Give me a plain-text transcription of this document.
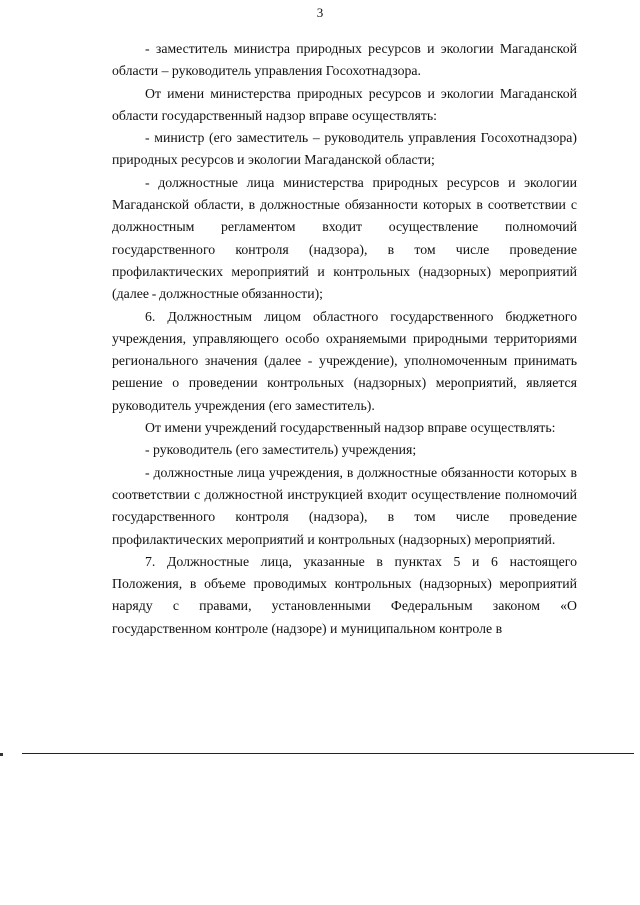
3

- заместитель министра природных ресурсов и экологии Магаданской области – руководитель управления Госохотнадзора.

От имени министерства природных ресурсов и экологии Магаданской области государственный надзор вправе осуществлять:

- министр (его заместитель – руководитель управления Госохотнадзора) природных ресурсов и экологии Магаданской области;

- должностные лица министерства природных ресурсов и экологии Магаданской области, в должностные обязанности которых в соответствии с должностным регламентом входит осуществление полномочий государственного контроля (надзора), в том числе проведение профилактических мероприятий и контрольных (надзорных) мероприятий (далее - должностные обязанности);

6. Должностным лицом областного государственного бюджетного учреждения, управляющего особо охраняемыми природными территориями регионального значения (далее - учреждение), уполномоченным принимать решение о проведении контрольных (надзорных) мероприятий, является руководитель учреждения (его заместитель).

От имени учреждений государственный надзор вправе осуществлять:

- руководитель (его заместитель) учреждения;

- должностные лица учреждения, в должностные обязанности которых в соответствии с должностной инструкцией входит осуществление полномочий государственного контроля (надзора), в том числе проведение профилактических мероприятий и контрольных (надзорных) мероприятий.

7. Должностные лица, указанные в пунктах 5 и 6 настоящего Положения, в объеме проводимых контрольных (надзорных) мероприятий наряду с правами, установленными Федеральным законом «О государственном контроле (надзоре) и муниципальном контроле в
